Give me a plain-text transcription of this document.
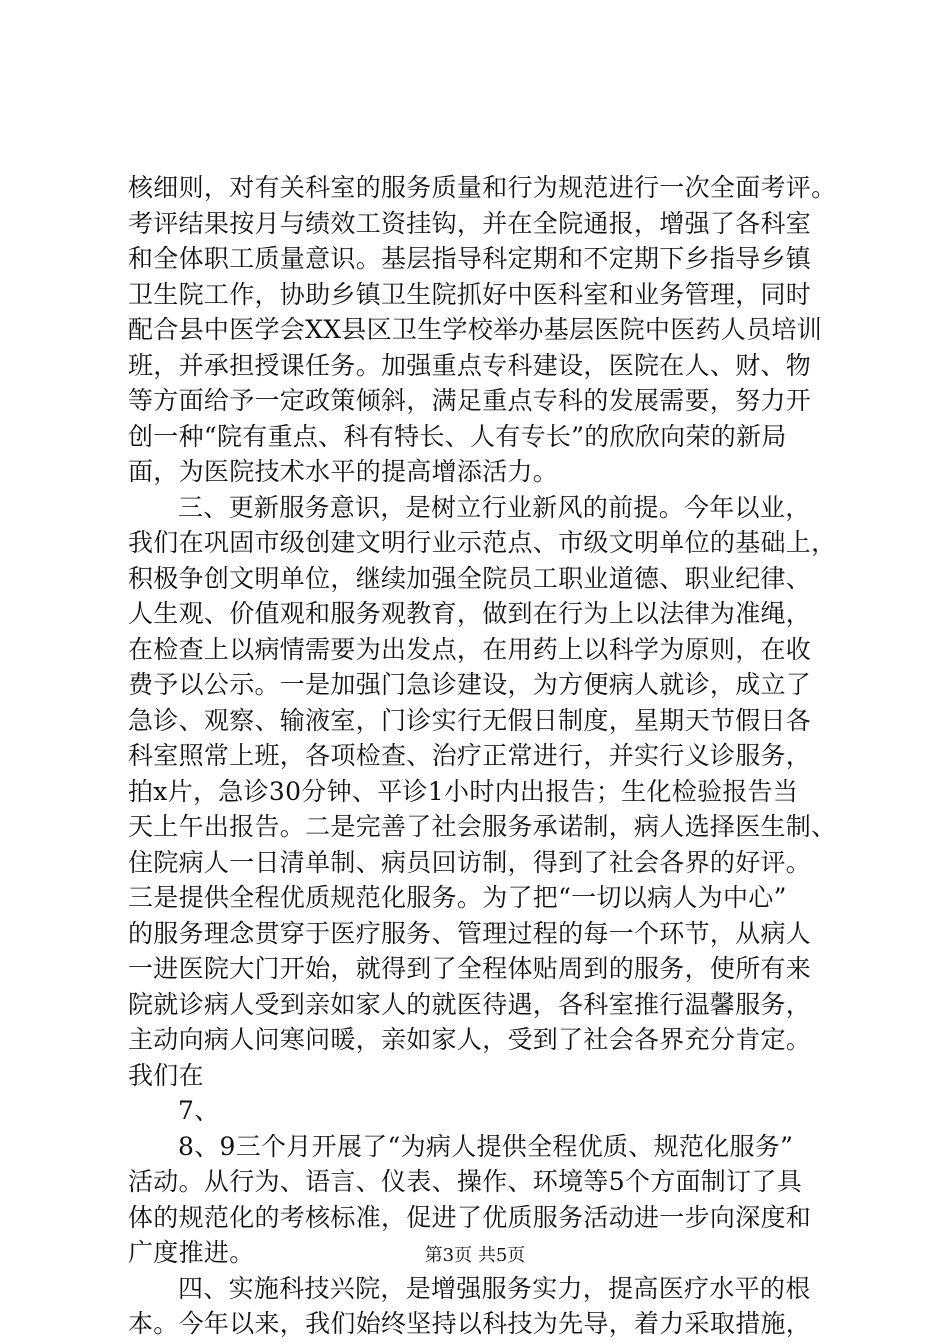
核细则，对有关科室的服务质量和行为规范进行一次全面考评。
考评结果按月与绩效工资挂钩，并在全院通报，增强了各科室
和全体职工质量意识。基层指导科定期和不定期下乡指导乡镇
卫生院工作，协助乡镇卫生院抓好中医科室和业务管理，同时
配合县中医学会XX县区卫生学校举办基层医院中医药人员培训
班，并承担授课任务。加强重点专科建设，医院在人、财、物
等方面给予一定政策倾斜，满足重点专科的发展需要，努力开
创一种“院有重点、科有特长、人有专长”的欣欣向荣的新局
面，为医院技术水平的提高增添活力。
三、更新服务意识，是树立行业新风的前提。今年以业，
我们在巩固市级创建文明行业示范点、市级文明单位的基础上，
积极争创文明单位，继续加强全院员工职业道德、职业纪律、
人生观、价值观和服务观教育，做到在行为上以法律为准绳，
在检查上以病情需要为出发点，在用药上以科学为原则，在收
费予以公示。一是加强门急诊建设，为方便病人就诊，成立了
急诊、观察、输液室，门诊实行无假日制度，星期天节假日各
科室照常上班，各项检查、治疗正常进行，并实行义诊服务，
拍x片，急诊30分钟、平诊1小时内出报告；生化检验报告当
天上午出报告。二是完善了社会服务承诺制，病人选择医生制、
住院病人一日清单制、病员回访制，得到了社会各界的好评。
三是提供全程优质规范化服务。为了把“一切以病人为中心”
的服务理念贯穿于医疗服务、管理过程的每一个环节，从病人
一进医院大门开始，就得到了全程体贴周到的服务，使所有来
院就诊病人受到亲如家人的就医待遇，各科室推行温馨服务，
主动向病人问寒问暖，亲如家人，受到了社会各界充分肯定。
我们在
7、
8、9三个月开展了“为病人提供全程优质、规范化服务”
活动。从行为、语言、仪表、操作、环境等5个方面制订了具
体的规范化的考核标准，促进了优质服务活动进一步向深度和
广度推进。
四、实施科技兴院，是增强服务实力，提高医疗水平的根
本。今年以来，我们始终坚持以科技为先导，着力采取措施，
第3页 共5页
